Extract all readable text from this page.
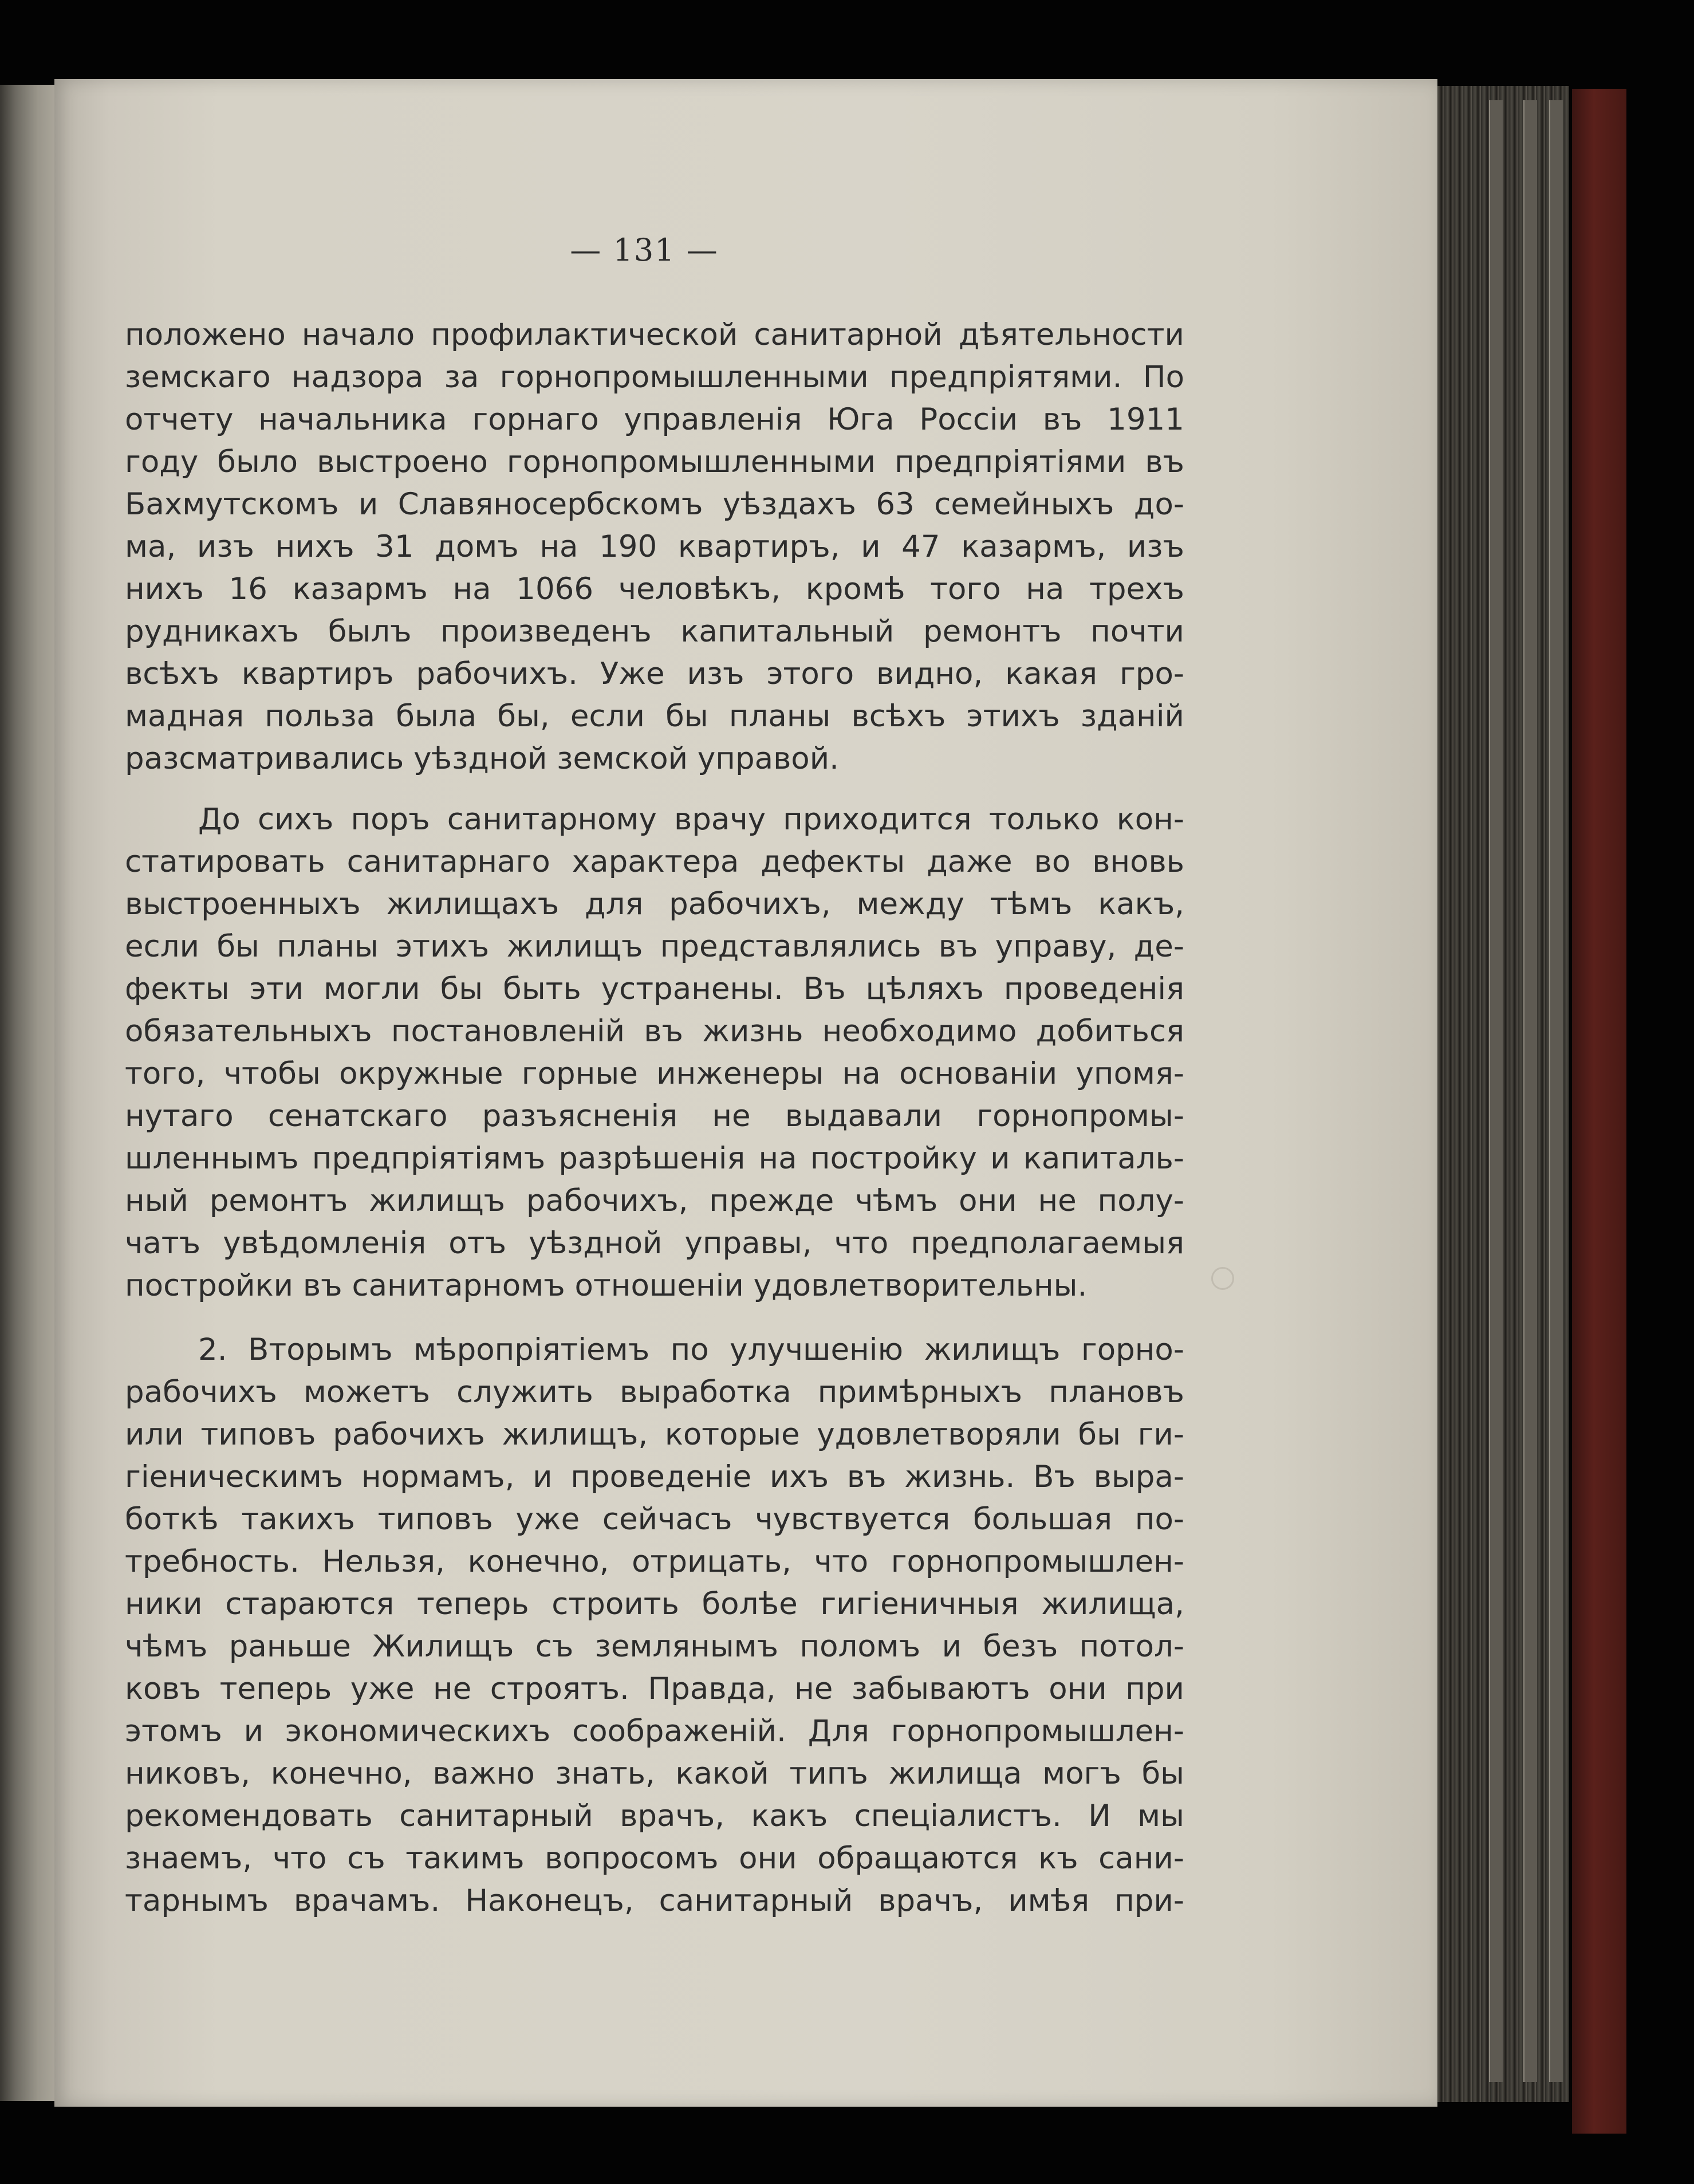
— 131 —
положено начало профилактической санитарной дѣятельности
земскаго надзора за горнопромышленными предпріятями. По
отчету начальника горнаго управленія Юга Россіи въ 1911
году было выстроено горнопромышленными предпріятіями въ
Бахмутскомъ и Славяносербскомъ уѣздахъ 63 семейныхъ до-
ма, изъ нихъ 31 домъ на 190 квартиръ, и 47 казармъ, изъ
нихъ 16 казармъ на 1066 человѣкъ, кромѣ того на трехъ
рудникахъ былъ произведенъ капитальный ремонтъ почти
всѣхъ квартиръ рабочихъ. Уже изъ этого видно, какая гро-
мадная польза была бы, если бы планы всѣхъ этихъ зданій
разсматривались уѣздной земской управой.
До сихъ поръ санитарному врачу приходится только кон-
статировать санитарнаго характера дефекты даже во вновь
выстроенныхъ жилищахъ для рабочихъ, между тѣмъ какъ,
если бы планы этихъ жилищъ представлялись въ управу, де-
фекты эти могли бы быть устранены. Въ цѣляхъ проведенія
обязательныхъ постановленій въ жизнь необходимо добиться
того, чтобы окружные горные инженеры на основаніи упомя-
нутаго сенатскаго разъясненія не выдавали горнопромы-
шленнымъ предпріятіямъ разрѣшенія на постройку и капиталь-
ный ремонтъ жилищъ рабочихъ, прежде чѣмъ они не полу-
чатъ увѣдомленія отъ уѣздной управы, что предполагаемыя
постройки въ санитарномъ отношеніи удовлетворительны.
2. Вторымъ мѣропріятіемъ по улучшенію жилищъ горно-
рабочихъ можетъ служить выработка примѣрныхъ плановъ
или типовъ рабочихъ жилищъ, которые удовлетворяли бы ги-
гіеническимъ нормамъ, и проведеніе ихъ въ жизнь. Въ выра-
боткѣ такихъ типовъ уже сейчасъ чувствуется большая по-
требность. Нельзя, конечно, отрицать, что горнопромышлен-
ники стараются теперь строить болѣе гигіеничныя жилища,
чѣмъ раньше Жилищъ съ землянымъ поломъ и безъ потол-
ковъ теперь уже не строятъ. Правда, не забываютъ они при
этомъ и экономическихъ соображеній. Для горнопромышлен-
никовъ, конечно, важно знать, какой типъ жилища могъ бы
рекомендовать санитарный врачъ, какъ спеціалистъ. И мы
знаемъ, что съ такимъ вопросомъ они обращаются къ сани-
тарнымъ врачамъ. Наконецъ, санитарный врачъ, имѣя при-
